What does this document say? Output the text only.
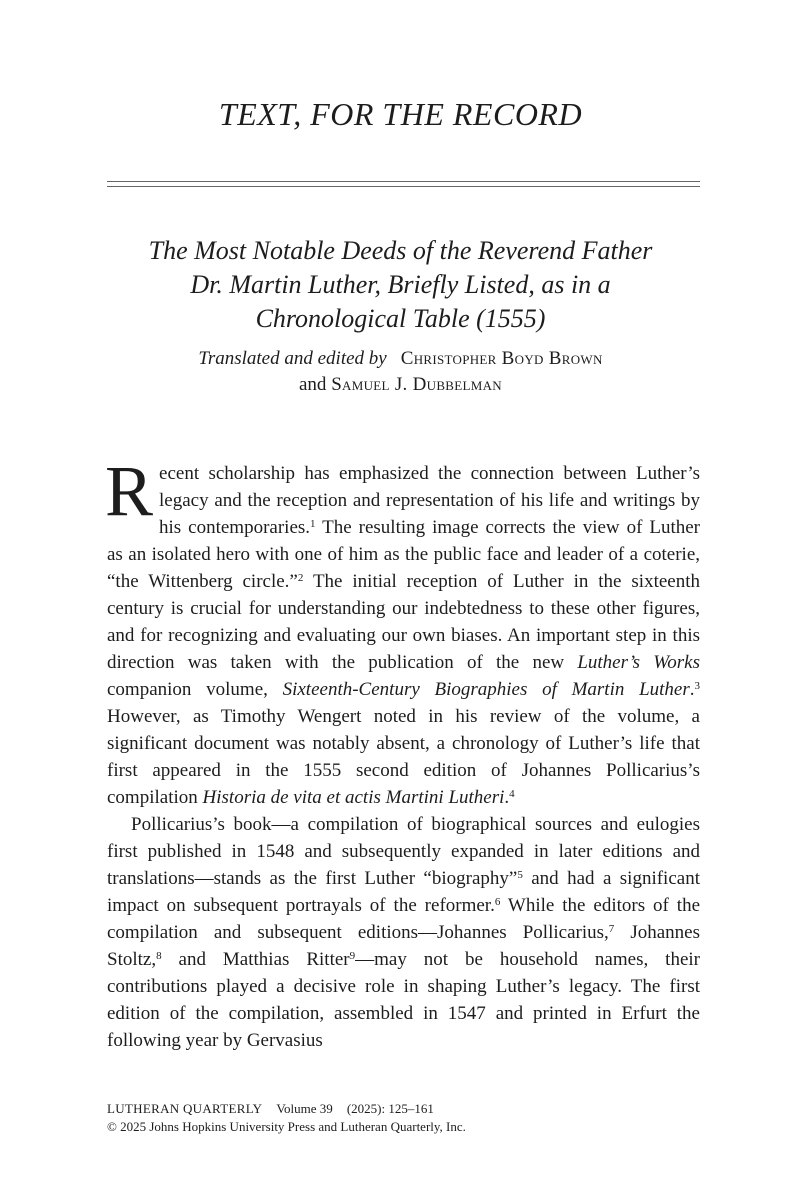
TEXT, FOR THE RECORD
The Most Notable Deeds of the Reverend Father
Dr. Martin Luther, Briefly Listed, as in a
Chronological Table (1555)
Translated and edited by Christopher Boyd Brown
and Samuel J. Dubbelman

Recent scholarship has emphasized the connection between Luther’s legacy and the reception and representation of his life and writings by his contemporaries.$^1$ The resulting image corrects the view of Luther as an isolated hero with one of him as the public face and leader of a coterie, “the Wittenberg circle.”$^2$ The initial reception of Luther in the sixteenth century is crucial for understanding our indebtedness to these other figures, and for recognizing and evaluating our own biases. An important step in this direction was taken with the publication of the new Luther’s Works companion volume, Sixteenth-Century Biographies of Martin Luther.$^3$ However, as Timothy Wengert noted in his review of the volume, a significant document was notably absent, a chronology of Luther’s life that first appeared in the 1555 second edition of Johannes Pollicarius’s compilation Historia de vita et actis Martini Lutheri.$^4$

Pollicarius’s book—a compilation of biographical sources and eulogies first published in 1548 and subsequently expanded in later editions and translations—stands as the first Luther “biography”$^5$ and had a significant impact on subsequent portrayals of the reformer.$^6$ While the editors of the compilation and subsequent editions—Johannes Pollicarius,$^7$ Johannes Stoltz,$^8$ and Matthias Ritter$^9$—may not be household names, their contributions played a decisive role in shaping Luther’s legacy. The first edition of the compilation, assembled in 1547 and printed in Erfurt the following year by Gervasius

LUTHERAN QUARTERLY Volume 39 (2025): 125–161
© 2025 Johns Hopkins University Press and Lutheran Quarterly, Inc.
